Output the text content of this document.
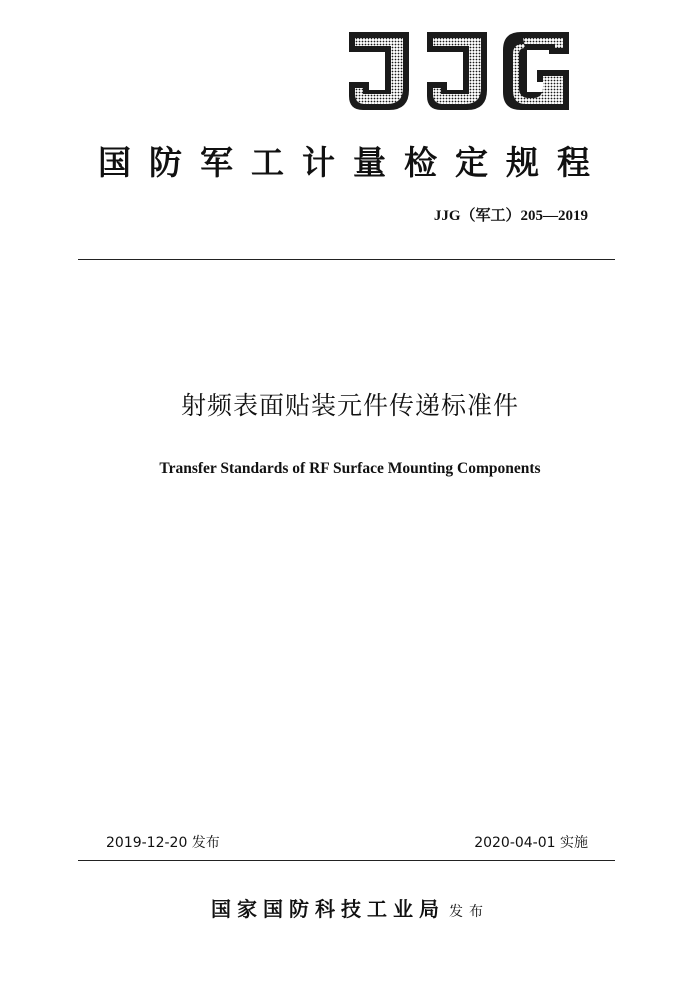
国防军工计量检定规程
JJG（军工）205—2019
射频表面贴装元件传递标准件
Transfer Standards of RF Surface Mounting Components
2019-12-20 发布	2020-04-01 实施
国家国防科技工业局 发布
